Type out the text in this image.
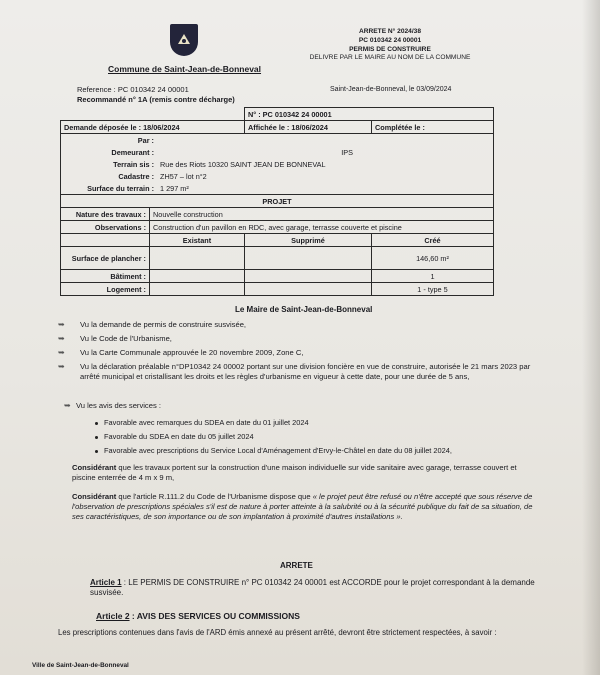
Commune de Saint-Jean-de-Bonneval
Reference : PC 010342 24 00001
Recommandé n° 1A (remis contre décharge)
ARRETE N° 2024/38
PC 010342 24 00001
PERMIS DE CONSTRUIRE
DELIVRE PAR LE MAIRE AU NOM DE LA COMMUNE
Saint-Jean-de-Bonneval, le 03/09/2024
	N° : PC 010342 24 00001
Demande déposée le : 18/06/2024	Affichée le : 18/06/2024	Complétée le :

Par :	
Demeurant :	IPS
Terrain sis :	Rue des Riots 10320 SAINT JEAN DE BONNEVAL
Cadastre :	ZH57 – lot n°2
Surface du terrain :	1 297 m²

PROJET
Nature des travaux :	Nouvelle construction
Observations :	Construction d'un pavillon en RDC, avec garage, terrasse couverte et piscine
	Existant	Supprimé	Créé
Surface de plancher :			146,60 m²
Bâtiment :			1
Logement :			1 - type 5
Le Maire de Saint-Jean-de-Bonneval
➥ Vu la demande de permis de construire susvisée,
➥ Vu le Code de l'Urbanisme,
➥ Vu la Carte Communale approuvée le 20 novembre 2009, Zone C,
➥ Vu la déclaration préalable n°DP10342 24 00002 portant sur une division foncière en vue de construire, autorisée le 21 mars 2023 par arrêté municipal et cristallisant les droits et les règles d'urbanisme en vigueur à cette date, pour une durée de 5 ans,
➥ Vu les avis des services :
Favorable avec remarques du SDEA en date du 01 juillet 2024
Favorable du SDEA en date du 05 juillet 2024
Favorable avec prescriptions du Service Local d'Aménagement d'Ervy-le-Châtel en date du 08 juillet 2024,
Considérant que les travaux portent sur la construction d'une maison individuelle sur vide sanitaire avec garage, terrasse couvert et piscine enterrée de 4 m x 9 m,
Considérant que l'article R.111.2 du Code de l'Urbanisme dispose que « le projet peut être refusé ou n'être accepté que sous réserve de l'observation de prescriptions spéciales s'il est de nature à porter atteinte à la salubrité ou à la sécurité publique du fait de sa situation, de ses caractéristiques, de son importance ou de son implantation à proximité d'autres installations ».
ARRETE
Article 1 : LE PERMIS DE CONSTRUIRE n° PC 010342 24 00001 est ACCORDE pour le projet correspondant à la demande susvisée.
Article 2 : AVIS DES SERVICES OU COMMISSIONS
Les prescriptions contenues dans l'avis de l'ARD émis annexé au présent arrêté, devront être strictement respectées, à savoir :
Ville de Saint-Jean-de-Bonneval
